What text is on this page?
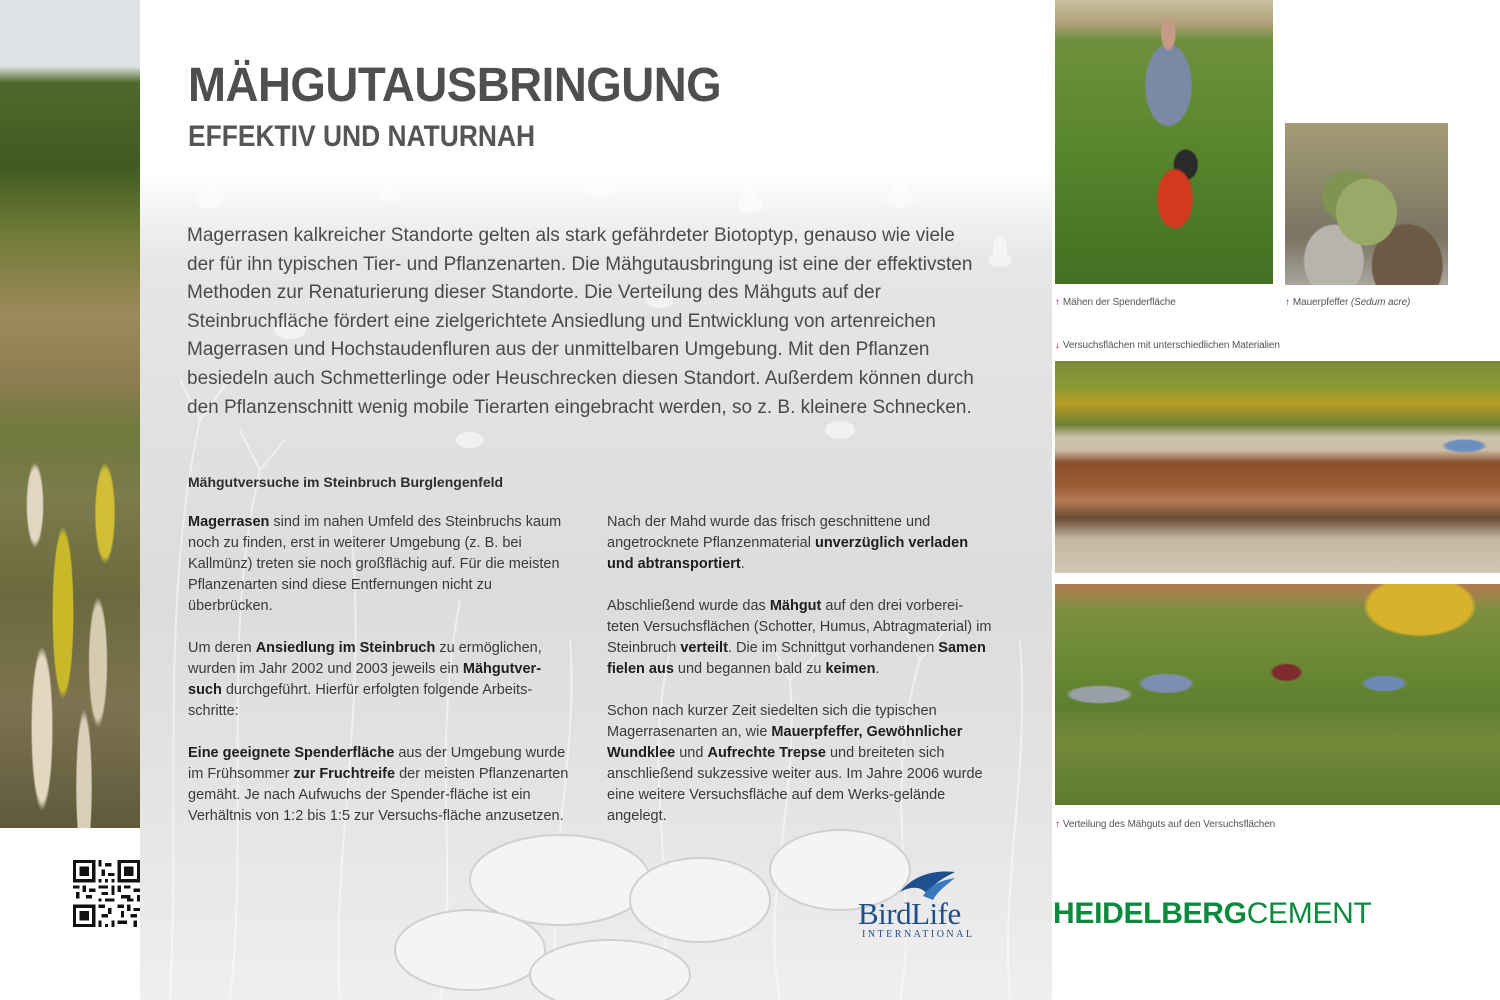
MÄHGUTAUSBRINGUNG
EFFEKTIV UND NATURNAH

Magerrasen kalkreicher Standorte gelten als stark gefährdeter Biotoptyp, genauso wie viele der für ihn typischen Tier- und Pflanzenarten. Die Mähgutausbringung ist eine der effektivsten Methoden zur Renaturierung dieser Standorte. Die Verteilung des Mähguts auf der Steinbruchfläche fördert eine zielgerichtete Ansiedlung und Entwicklung von artenreichen Magerrasen und Hochstaudenfluren aus der unmittelbaren Umgebung. Mit den Pflanzen besiedeln auch Schmetterlinge oder Heuschrecken diesen Standort. Außerdem können durch den Pflanzenschnitt wenig mobile Tierarten eingebracht werden, so z. B. kleinere Schnecken.

Mähgutversuche im Steinbruch Burglengenfeld

Magerrasen sind im nahen Umfeld des Steinbruchs kaum noch zu finden, erst in weiterer Umgebung (z. B. bei Kallmünz) treten sie noch großflächig auf. Für die meisten Pflanzenarten sind diese Entfernungen nicht zu überbrücken.

Um deren Ansiedlung im Steinbruch zu ermöglichen, wurden im Jahr 2002 und 2003 jeweils ein Mähgutver-such durchgeführt. Hierfür erfolgten folgende Arbeits-schritte:

Eine geeignete Spenderfläche aus der Umgebung wurde im Frühsommer zur Fruchtreife der meisten Pflanzenarten gemäht. Je nach Aufwuchs der Spender-fläche ist ein Verhältnis von 1:2 bis 1:5 zur Versuchs-fläche anzusetzen.

Nach der Mahd wurde das frisch geschnittene und angetrocknete Pflanzenmaterial unverzüglich verladen und abtransportiert.

Abschließend wurde das Mähgut auf den drei vorberei-teten Versuchsflächen (Schotter, Humus, Abtragmaterial) im Steinbruch verteilt. Die im Schnittgut vorhandenen Samen fielen aus und begannen bald zu keimen.

Schon nach kurzer Zeit siedelten sich die typischen Magerrasenarten an, wie Mauerpfeffer, Gewöhnlicher Wundklee und Aufrechte Trepse und breiteten sich anschließend sukzessive weiter aus. Im Jahre 2006 wurde eine weitere Versuchsfläche auf dem Werks-gelände angelegt.

↑ Mähen der Spenderfläche	↑ Mauerpfeffer (Sedum acre)
↓ Versuchsflächen mit unterschiedlichen Materialien
↑ Verteilung des Mähguts auf den Versuchsflächen
BirdLife
INTERNATIONAL
HEIDELBERGCEMENT
